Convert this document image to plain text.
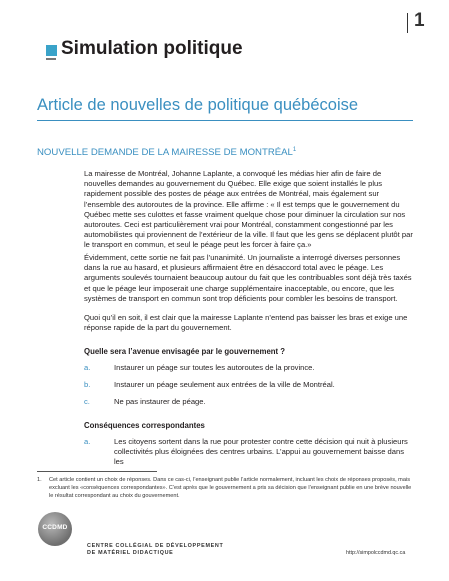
1
Simulation politique
Article de nouvelles de politique québécoise
NOUVELLE DEMANDE DE LA MAIRESSE DE MONTRÉAL$^1$

La mairesse de Montréal, Johanne Laplante, a convoqué les médias hier afin de faire de nouvelles demandes au gouvernement du Québec. Elle exige que soient installés le plus rapidement possible des postes de péage aux entrées de Montréal, mais également sur l’ensemble des autoroutes de la province. Elle affirme : « Il est temps que le gouvernement du Québec mette ses culottes et fasse vraiment quelque chose pour diminuer la circulation sur nos autoroutes. Ceci est particulièrement vrai pour Montréal, constamment congestionné par les automobilistes qui proviennent de l’extérieur de la ville. Il faut que les gens se déplacent plutôt par le transport en commun, et seul le péage peut les forcer à faire ça.»

Évidemment, cette sortie ne fait pas l’unanimité. Un journaliste a interrogé diverses personnes dans la rue au hasard, et plusieurs affirmaient être en désaccord total avec le péage. Les arguments soulevés tournaient beaucoup autour du fait que les contribuables sont déjà très taxés et que le péage leur imposerait une charge supplémentaire inacceptable, ou encore, que les systèmes de transport en commun sont trop déficients pour combler les besoins de transport.

Quoi qu’il en soit, il est clair que la mairesse Laplante n’entend pas baisser les bras et exige une réponse rapide de la part du gouvernement.

Quelle sera l’avenue envisagée par le gouvernement ?
a.	Instaurer un péage sur toutes les autoroutes de la province.
b.	Instaurer un péage seulement aux entrées de la ville de Montréal.
c.	Ne pas instaurer de péage.
Conséquences correspondantes
a.	Les citoyens sortent dans la rue pour protester contre cette décision qui nuit à plusieurs collectivités plus éloignées des centres urbains. L’appui au gouvernement baisse dans les
1. Cet article contient un choix de réponses. Dans ce cas-ci, l’enseignant publie l’article normalement, incluant les choix de réponses proposés, mais excluant les «conséquences correspondantes». C’est après que le gouvernement a pris sa décision que l’enseignant publie en une brève nouvelle le résultat correspondant au choix du gouvernement.
CCDMD
CENTRE COLLÉGIAL DE DÉVELOPPEMENT
DE MATÉRIEL DIDACTIQUE	http://simpolccdmd.qc.ca
